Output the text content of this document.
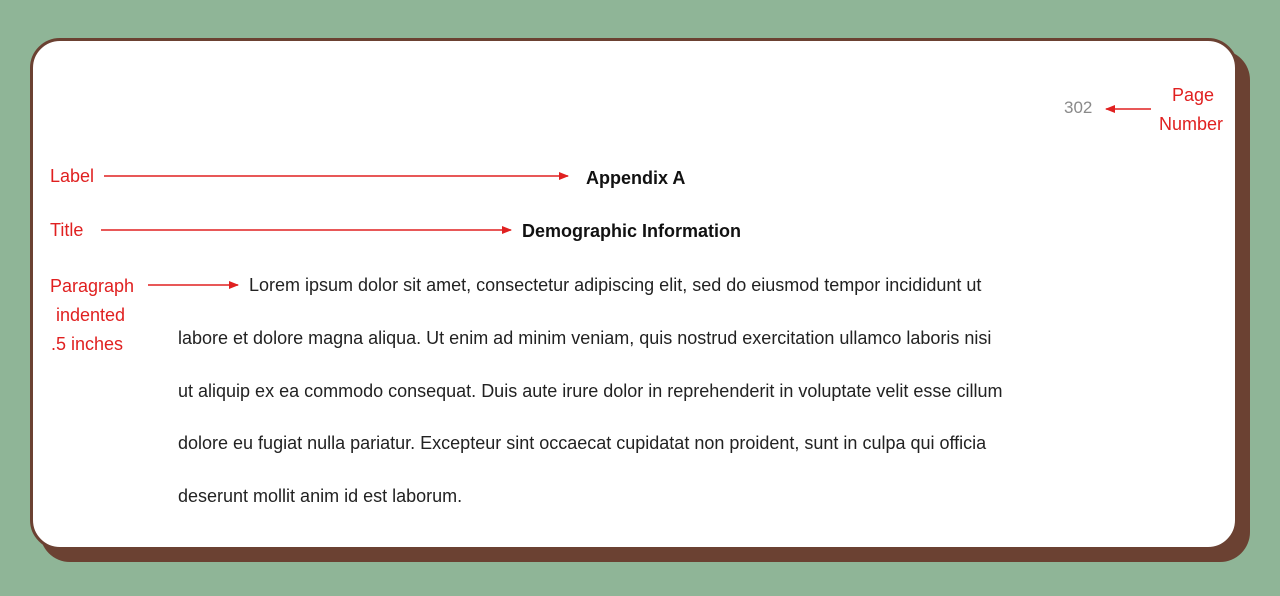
302
Page
Number
Label	Appendix A
Title	Demographic Information
Paragraph
indented
.5 inches
Lorem ipsum dolor sit amet, consectetur adipiscing elit, sed do eiusmod tempor incididunt ut
labore et dolore magna aliqua. Ut enim ad minim veniam, quis nostrud exercitation ullamco laboris nisi
ut aliquip ex ea commodo consequat. Duis aute irure dolor in reprehenderit in voluptate velit esse cillum
dolore eu fugiat nulla pariatur. Excepteur sint occaecat cupidatat non proident, sunt in culpa qui officia
deserunt mollit anim id est laborum.
